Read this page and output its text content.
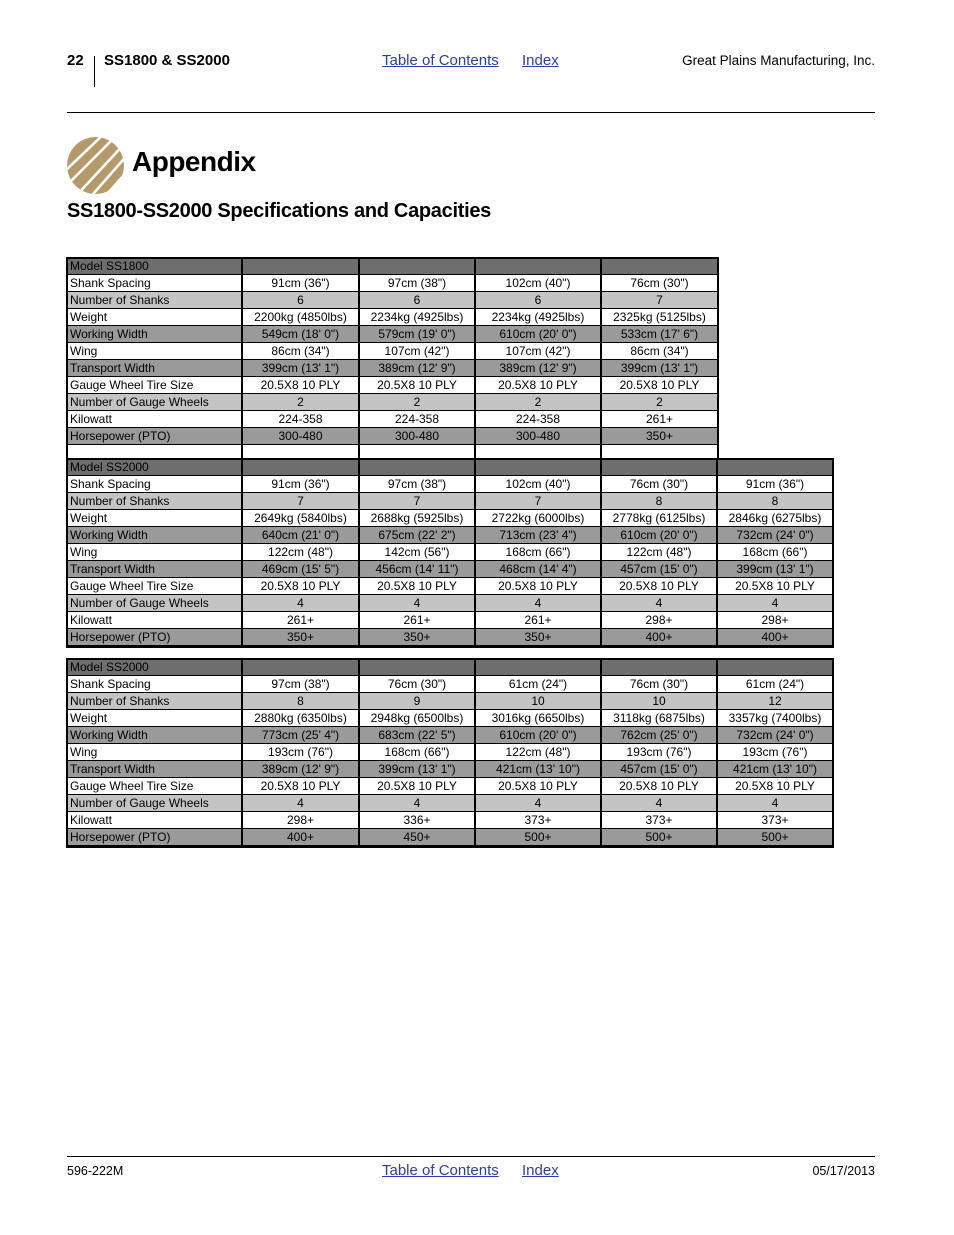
22 SS1800 & SS2000	Table of Contents Index	Great Plains Manufacturing, Inc.
Appendix
SS1800-SS2000 Specifications and Capacities
Model SS1800				
Shank Spacing	91cm (36")	97cm (38")	102cm (40")	76cm (30")
Number of Shanks	6	6	6	7
Weight	2200kg (4850lbs)	2234kg (4925lbs)	2234kg (4925lbs)	2325kg (5125lbs)
Working Width	549cm (18' 0")	579cm (19' 0")	610cm (20' 0")	533cm (17' 6")
Wing	86cm (34")	107cm (42")	107cm (42")	86cm (34")
Transport Width	399cm (13' 1")	389cm (12' 9")	389cm (12' 9")	399cm (13' 1")
Gauge Wheel Tire Size	20.5X8 10 PLY	20.5X8 10 PLY	20.5X8 10 PLY	20.5X8 10 PLY
Number of Gauge Wheels	2	2	2	2
Kilowatt	224-358	224-358	224-358	261+
Horsepower (PTO)	300-480	300-480	300-480	350+

Model SS2000					
Shank Spacing	91cm (36")	97cm (38")	102cm (40")	76cm (30")	91cm (36")
Number of Shanks	7	7	7	8	8
Weight	2649kg (5840lbs)	2688kg (5925lbs)	2722kg (6000lbs)	2778kg (6125lbs)	2846kg (6275lbs)
Working Width	640cm (21' 0")	675cm (22' 2")	713cm (23' 4")	610cm (20' 0")	732cm (24' 0")
Wing	122cm (48")	142cm (56")	168cm (66")	122cm (48")	168cm (66")
Transport Width	469cm (15' 5")	456cm (14' 11")	468cm (14' 4")	457cm (15' 0")	399cm (13' 1")
Gauge Wheel Tire Size	20.5X8 10 PLY	20.5X8 10 PLY	20.5X8 10 PLY	20.5X8 10 PLY	20.5X8 10 PLY
Number of Gauge Wheels	4	4	4	4	4
Kilowatt	261+	261+	261+	298+	298+
Horsepower (PTO)	350+	350+	350+	400+	400+
Model SS2000					
Shank Spacing	97cm (38")	76cm (30")	61cm (24")	76cm (30")	61cm (24")
Number of Shanks	8	9	10	10	12
Weight	2880kg (6350lbs)	2948kg (6500lbs)	3016kg (6650lbs)	3118kg (6875lbs)	3357kg (7400lbs)
Working Width	773cm (25' 4")	683cm (22' 5")	610cm (20' 0")	762cm (25' 0")	732cm (24' 0")
Wing	193cm (76")	168cm (66")	122cm (48")	193cm (76")	193cm (76")
Transport Width	389cm (12' 9")	399cm (13' 1")	421cm (13' 10")	457cm (15' 0")	421cm (13' 10")
Gauge Wheel Tire Size	20.5X8 10 PLY	20.5X8 10 PLY	20.5X8 10 PLY	20.5X8 10 PLY	20.5X8 10 PLY
Number of Gauge Wheels	4	4	4	4	4
Kilowatt	298+	336+	373+	373+	373+
Horsepower (PTO)	400+	450+	500+	500+	500+
596-222M	Table of Contents Index	05/17/2013
